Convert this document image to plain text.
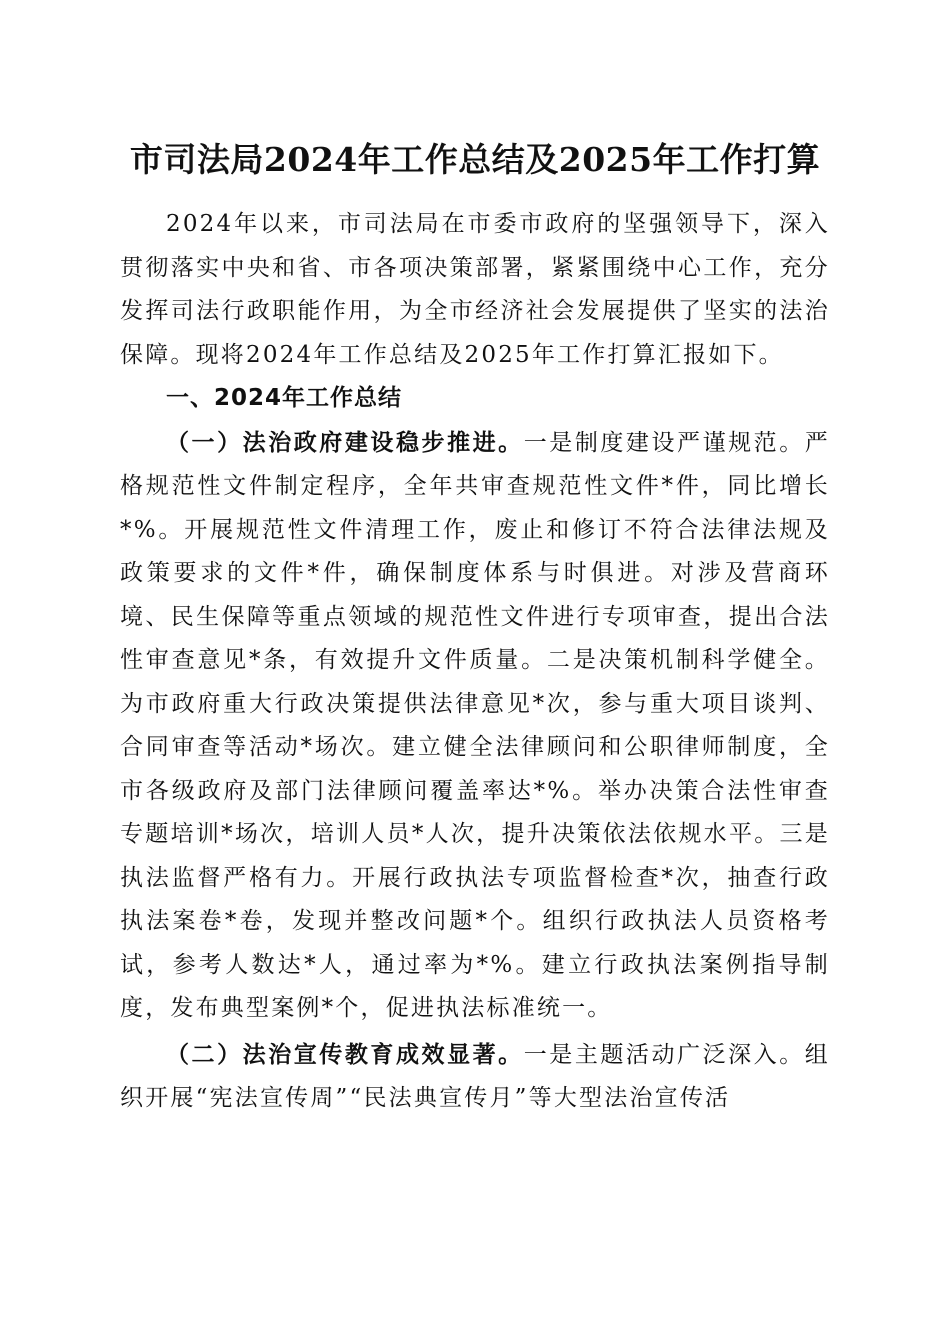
市司法局2024年工作总结及2025年工作打算

2024年以来，市司法局在市委市政府的坚强领导下，深入贯彻落实中央和省、市各项决策部署，紧紧围绕中心工作，充分发挥司法行政职能作用，为全市经济社会发展提供了坚实的法治保障。现将2024年工作总结及2025年工作打算汇报如下。

一、2024年工作总结

（一）法治政府建设稳步推进。一是制度建设严谨规范。严格规范性文件制定程序，全年共审查规范性文件*件，同比增长*%。开展规范性文件清理工作，废止和修订不符合法律法规及政策要求的文件*件，确保制度体系与时俱进。对涉及营商环境、民生保障等重点领域的规范性文件进行专项审查，提出合法性审查意见*条，有效提升文件质量。二是决策机制科学健全。为市政府重大行政决策提供法律意见*次，参与重大项目谈判、合同审查等活动*场次。建立健全法律顾问和公职律师制度，全市各级政府及部门法律顾问覆盖率达*%。举办决策合法性审查专题培训*场次，培训人员*人次，提升决策依法依规水平。三是执法监督严格有力。开展行政执法专项监督检查*次，抽查行政执法案卷*卷，发现并整改问题*个。组织行政执法人员资格考试，参考人数达*人，通过率为*%。建立行政执法案例指导制度，发布典型案例*个，促进执法标准统一。

（二）法治宣传教育成效显著。一是主题活动广泛深入。组织开展“宪法宣传周”“民法典宣传月”等大型法治宣传活
